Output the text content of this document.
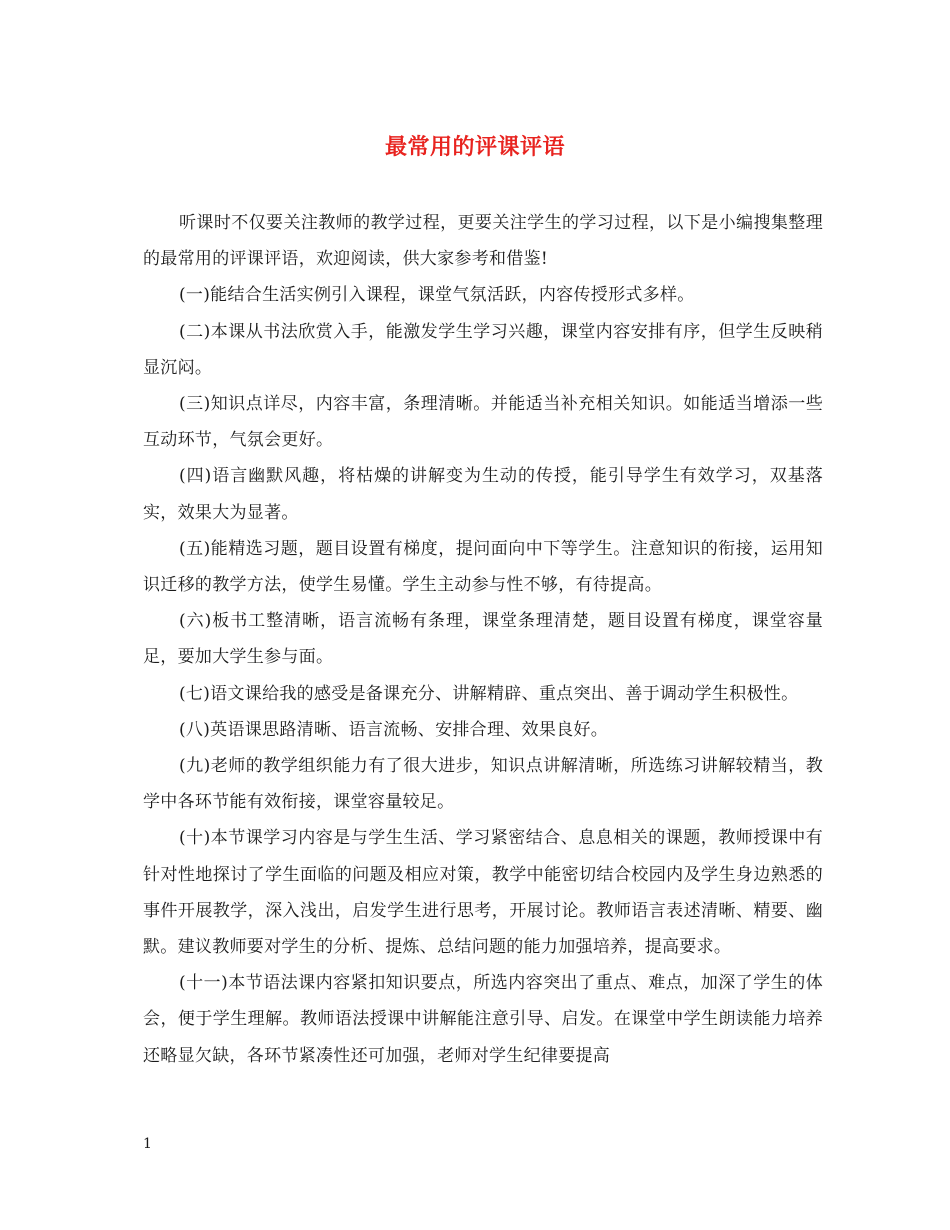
最常用的评课评语

听课时不仅要关注教师的教学过程，更要关注学生的学习过程，以下是小编搜集整理的最常用的评课评语，欢迎阅读，供大家参考和借鉴!

(一)能结合生活实例引入课程，课堂气氛活跃，内容传授形式多样。

(二)本课从书法欣赏入手，能激发学生学习兴趣，课堂内容安排有序，但学生反映稍显沉闷。

(三)知识点详尽，内容丰富，条理清晰。并能适当补充相关知识。如能适当增添一些互动环节，气氛会更好。

(四)语言幽默风趣，将枯燥的讲解变为生动的传授，能引导学生有效学习，双基落实，效果大为显著。

(五)能精选习题，题目设置有梯度，提问面向中下等学生。注意知识的衔接，运用知识迁移的教学方法，使学生易懂。学生主动参与性不够，有待提高。

(六)板书工整清晰，语言流畅有条理，课堂条理清楚，题目设置有梯度，课堂容量足，要加大学生参与面。

(七)语文课给我的感受是备课充分、讲解精辟、重点突出、善于调动学生积极性。

(八)英语课思路清晰、语言流畅、安排合理、效果良好。

(九)老师的教学组织能力有了很大进步，知识点讲解清晰，所选练习讲解较精当，教学中各环节能有效衔接，课堂容量较足。

(十)本节课学习内容是与学生生活、学习紧密结合、息息相关的课题，教师授课中有针对性地探讨了学生面临的问题及相应对策，教学中能密切结合校园内及学生身边熟悉的事件开展教学，深入浅出，启发学生进行思考，开展讨论。教师语言表述清晰、精要、幽默。建议教师要对学生的分析、提炼、总结问题的能力加强培养，提高要求。

(十一)本节语法课内容紧扣知识要点，所选内容突出了重点、难点，加深了学生的体会，便于学生理解。教师语法授课中讲解能注意引导、启发。在课堂中学生朗读能力培养还略显欠缺，各环节紧凑性还可加强，老师对学生纪律要提高

1
